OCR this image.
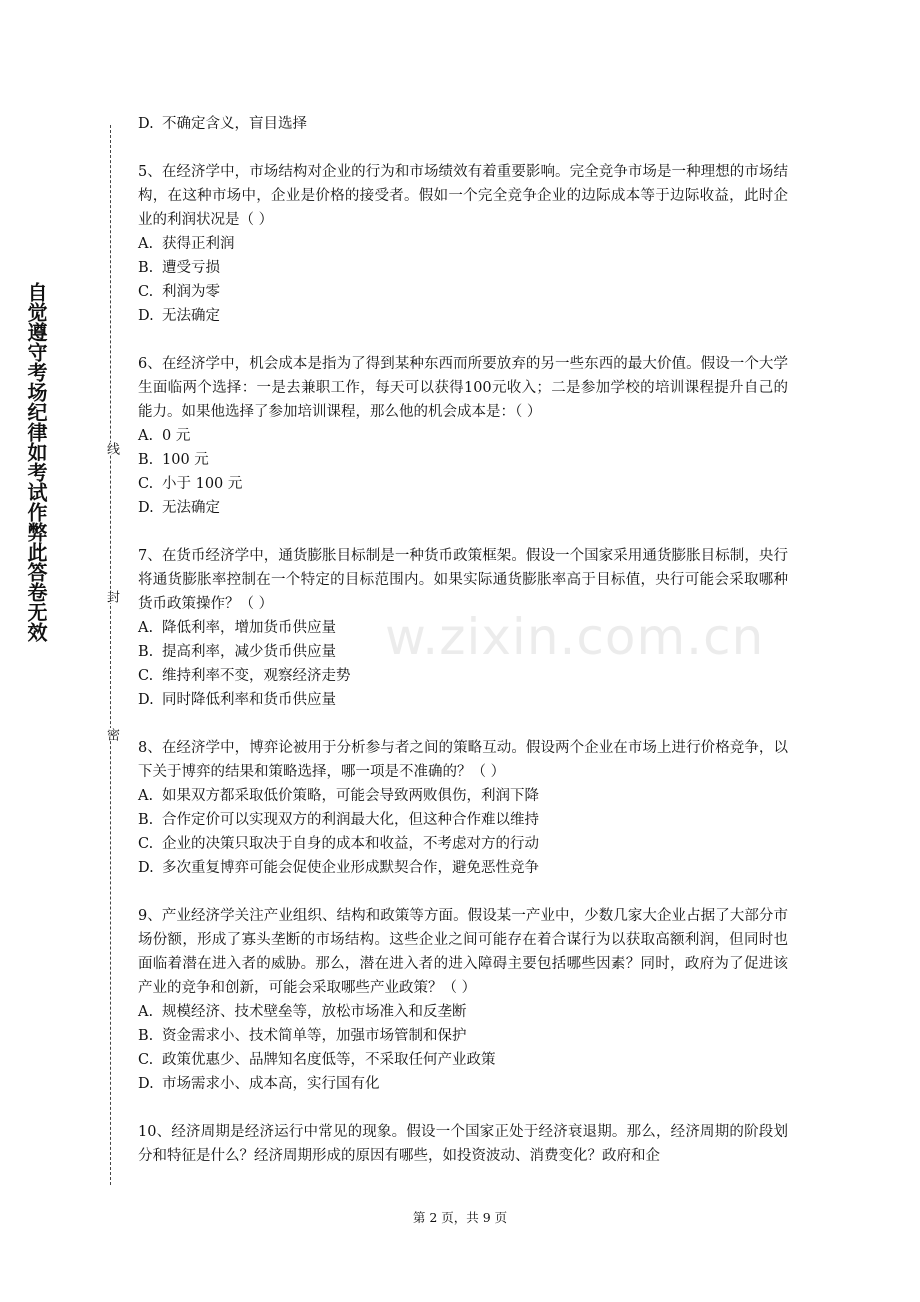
自觉遵守考场纪律如考试作弊此答卷无效	线
封
密
w.zixin.com.cn

D. 不确定含义，盲目选择

5、在经济学中，市场结构对企业的行为和市场绩效有着重要影响。完全竞争市场是一种理想的市场结构，在这种市场中，企业是价格的接受者。假如一个完全竞争企业的边际成本等于边际收益，此时企业的利润状况是（ ）

A. 获得正利润

B. 遭受亏损

C. 利润为零

D. 无法确定

6、在经济学中，机会成本是指为了得到某种东西而所要放弃的另一些东西的最大价值。假设一个大学生面临两个选择：一是去兼职工作，每天可以获得100元收入；二是参加学校的培训课程提升自己的能力。如果他选择了参加培训课程，那么他的机会成本是：（ ）

A. 0 元

B. 100 元

C. 小于 100 元

D. 无法确定

7、在货币经济学中，通货膨胀目标制是一种货币政策框架。假设一个国家采用通货膨胀目标制，央行将通货膨胀率控制在一个特定的目标范围内。如果实际通货膨胀率高于目标值，央行可能会采取哪种货币政策操作？（ ）

A. 降低利率，增加货币供应量

B. 提高利率，减少货币供应量

C. 维持利率不变，观察经济走势

D. 同时降低利率和货币供应量

8、在经济学中，博弈论被用于分析参与者之间的策略互动。假设两个企业在市场上进行价格竞争，以下关于博弈的结果和策略选择，哪一项是不准确的？（ ）

A. 如果双方都采取低价策略，可能会导致两败俱伤，利润下降

B. 合作定价可以实现双方的利润最大化，但这种合作难以维持

C. 企业的决策只取决于自身的成本和收益，不考虑对方的行动

D. 多次重复博弈可能会促使企业形成默契合作，避免恶性竞争

9、产业经济学关注产业组织、结构和政策等方面。假设某一产业中，少数几家大企业占据了大部分市场份额，形成了寡头垄断的市场结构。这些企业之间可能存在着合谋行为以获取高额利润，但同时也面临着潜在进入者的威胁。那么，潜在进入者的进入障碍主要包括哪些因素？同时，政府为了促进该产业的竞争和创新，可能会采取哪些产业政策？（ ）

A. 规模经济、技术壁垒等，放松市场准入和反垄断

B. 资金需求小、技术简单等，加强市场管制和保护

C. 政策优惠少、品牌知名度低等，不采取任何产业政策

D. 市场需求小、成本高，实行国有化

10、经济周期是经济运行中常见的现象。假设一个国家正处于经济衰退期。那么，经济周期的阶段划分和特征是什么？经济周期形成的原因有哪些，如投资波动、消费变化？政府和企

第 2 页，共 9 页
